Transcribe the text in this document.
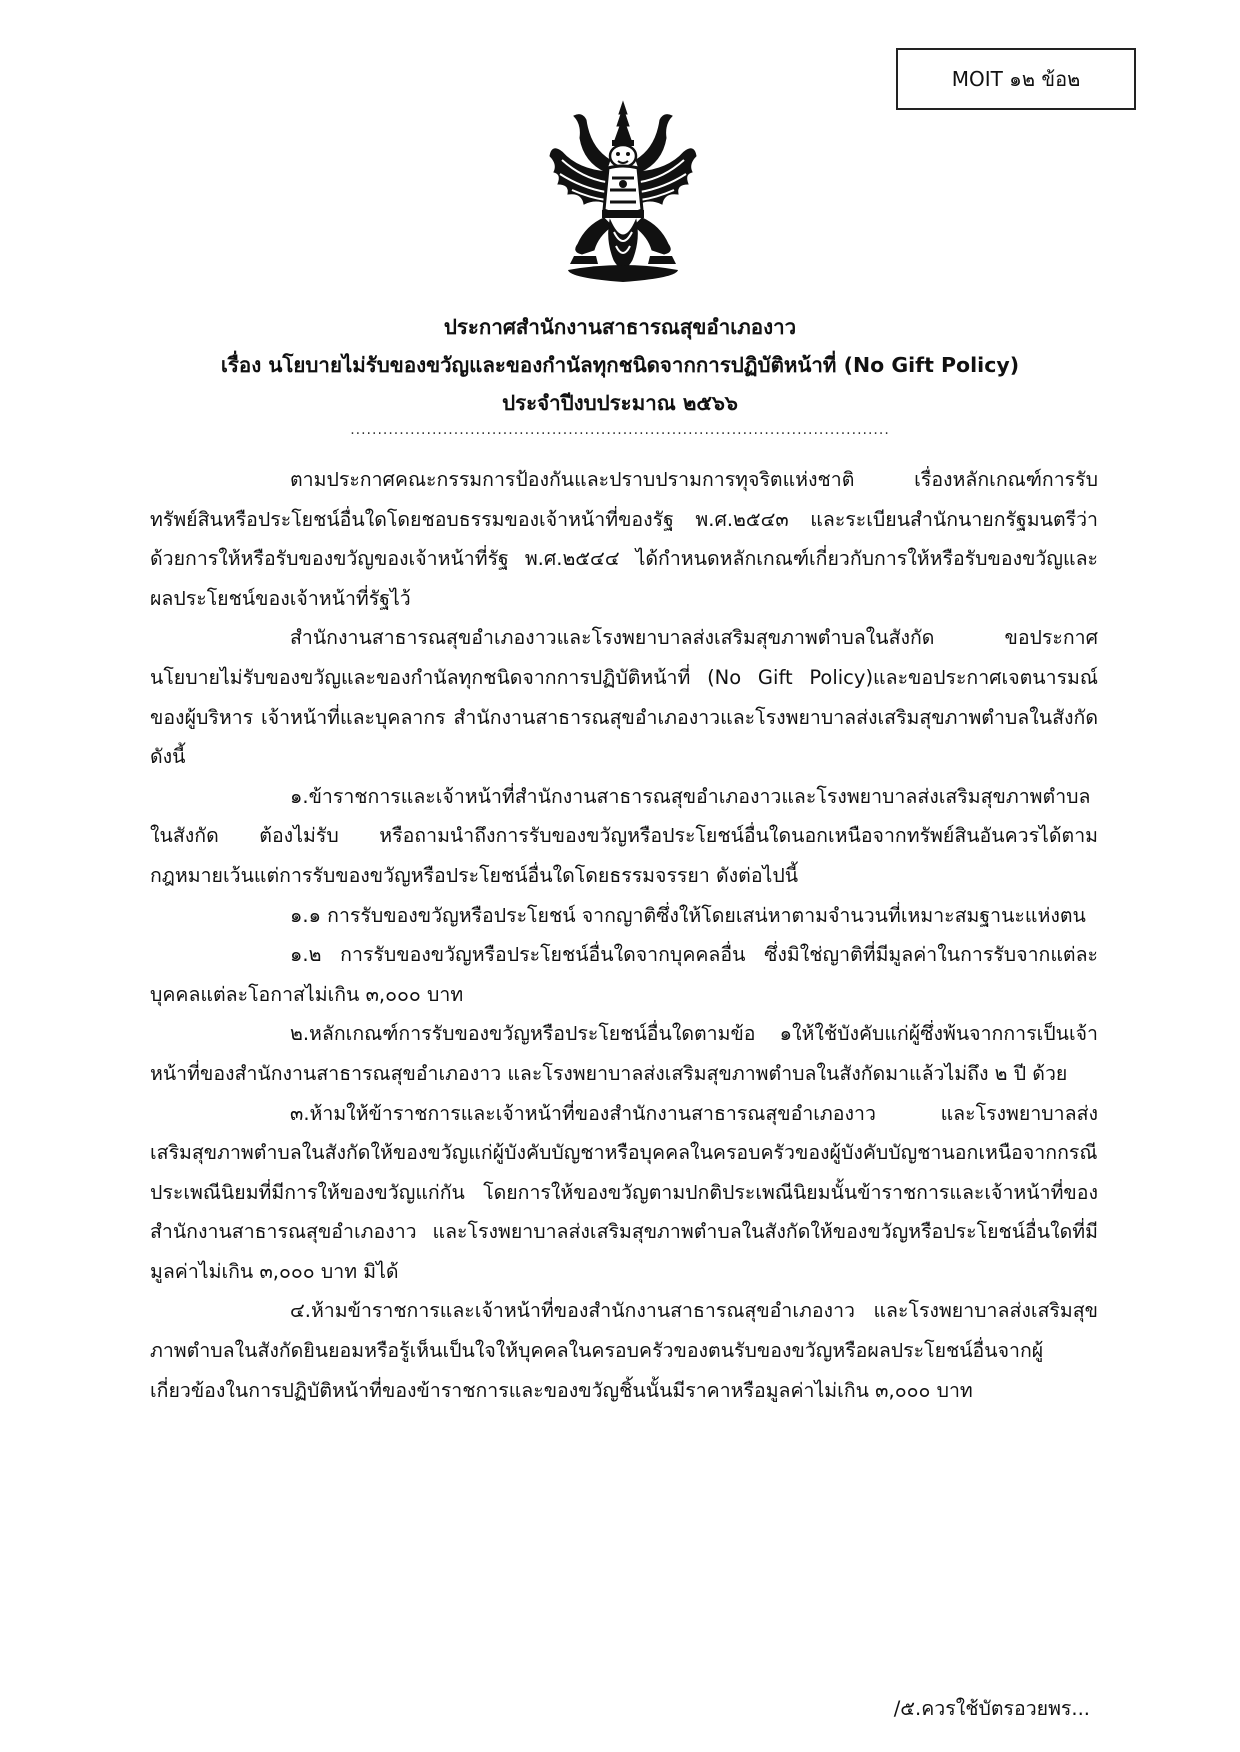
MOIT ๑๒ ข้อ๒
ประกาศสำนักงานสาธารณสุขอำเภองาว
เรื่อง นโยบายไม่รับของขวัญและของกำนัลทุกชนิดจากการปฏิบัติหน้าที่ (No Gift Policy)
ประจำปีงบประมาณ ๒๕๖๖
...................................................................................................

ตามประกาศคณะกรรมการป้องกันและปราบปรามการทุจริตแห่งชาติ เรื่องหลักเกณฑ์การรับทรัพย์สินหรือประโยชน์อื่นใดโดยชอบธรรมของเจ้าหน้าที่ของรัฐ พ.ศ.๒๕๔๓ และระเบียนสำนักนายกรัฐมนตรีว่าด้วยการให้หรือรับของขวัญของเจ้าหน้าที่รัฐ พ.ศ.๒๕๔๔ ได้กำหนดหลักเกณฑ์เกี่ยวกับการให้หรือรับของขวัญและผลประโยชน์ของเจ้าหน้าที่รัฐไว้

สำนักงานสาธารณสุขอำเภองาวและโรงพยาบาลส่งเสริมสุขภาพตำบลในสังกัด ขอประกาศนโยบายไม่รับของขวัญและของกำนัลทุกชนิดจากการปฏิบัติหน้าที่ (No Gift Policy)และขอประกาศเจตนารมณ์ของผู้บริหาร เจ้าหน้าที่และบุคลากร สำนักงานสาธารณสุขอำเภองาวและโรงพยาบาลส่งเสริมสุขภาพตำบลในสังกัด ดังนี้

๑.ข้าราชการและเจ้าหน้าที่สำนักงานสาธารณสุขอำเภองาวและโรงพยาบาลส่งเสริมสุขภาพตำบลในสังกัด ต้องไม่รับ หรือถามนำถึงการรับของขวัญหรือประโยชน์อื่นใดนอกเหนือจากทรัพย์สินอันควรได้ตามกฎหมายเว้นแต่การรับของขวัญหรือประโยชน์อื่นใดโดยธรรมจรรยา ดังต่อไปนี้

๑.๑ การรับของขวัญหรือประโยชน์ จากญาติซึ่งให้โดยเสน่หาตามจำนวนที่เหมาะสมฐานะแห่งตน

๑.๒ การรับของขวัญหรือประโยชน์อื่นใดจากบุคคลอื่น ซึ่งมิใช่ญาติที่มีมูลค่าในการรับจากแต่ละบุคคลแต่ละโอกาสไม่เกิน ๓,๐๐๐ บาท

๒.หลักเกณฑ์การรับของขวัญหรือประโยชน์อื่นใดตามข้อ ๑ให้ใช้บังคับแก่ผู้ซึ่งพ้นจากการเป็นเจ้าหน้าที่ของสำนักงานสาธารณสุขอำเภองาว และโรงพยาบาลส่งเสริมสุขภาพตำบลในสังกัดมาแล้วไม่ถึง ๒ ปี ด้วย

๓.ห้ามให้ข้าราชการและเจ้าหน้าที่ของสำนักงานสาธารณสุขอำเภองาว และโรงพยาบาลส่งเสริมสุขภาพตำบลในสังกัดให้ของขวัญแก่ผู้บังคับบัญชาหรือบุคคลในครอบครัวของผู้บังคับบัญชานอกเหนือจากกรณีประเพณีนิยมที่มีการให้ของขวัญแก่กัน โดยการให้ของขวัญตามปกติประเพณีนิยมนั้นข้าราชการและเจ้าหน้าที่ของสำนักงานสาธารณสุขอำเภองาว และโรงพยาบาลส่งเสริมสุขภาพตำบลในสังกัดให้ของขวัญหรือประโยชน์อื่นใดที่มีมูลค่าไม่เกิน ๓,๐๐๐ บาท มิได้

๔.ห้ามข้าราชการและเจ้าหน้าที่ของสำนักงานสาธารณสุขอำเภองาว และโรงพยาบาลส่งเสริมสุขภาพตำบลในสังกัดยินยอมหรือรู้เห็นเป็นใจให้บุคคลในครอบครัวของตนรับของขวัญหรือผลประโยชน์อื่นจากผู้เกี่ยวข้องในการปฏิบัติหน้าที่ของข้าราชการและของขวัญชิ้นนั้นมีราคาหรือมูลค่าไม่เกิน ๓,๐๐๐ บาท

/๕.ควรใช้บัตรอวยพร...
